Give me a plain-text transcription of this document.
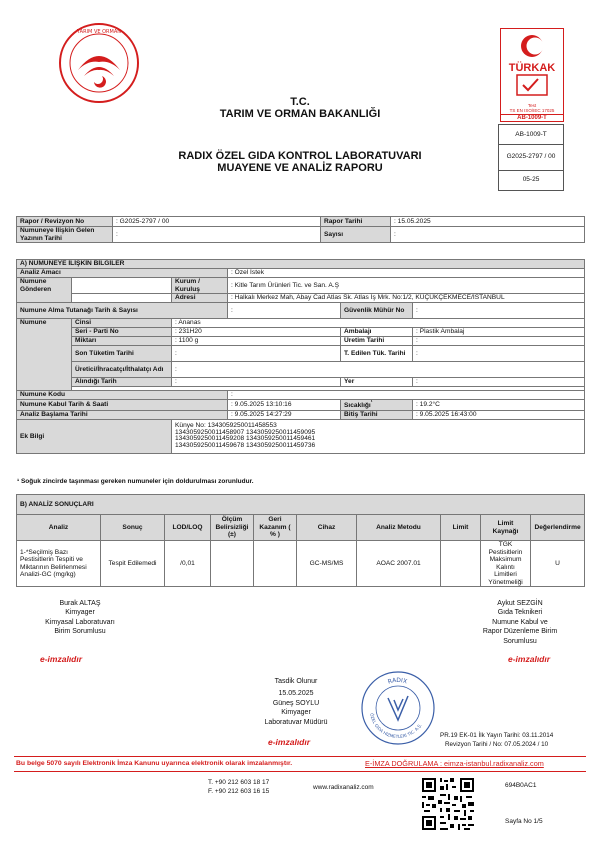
TARIM VE ORMAN
TÜRKAK
Test
TS EN ISO/IEC 17025
AB-1009-T
AB-1009-T
G2025-2797 / 00
05-25
T.C.
TARIM VE ORMAN BAKANLIĞI
RADIX ÖZEL GIDA KONTROL LABORATUVARI
MUAYENE VE ANALİZ RAPORU
Rapor / Revizyon No	: G2025-2797 / 00	Rapor Tarihi	: 15.05.2025
Numuneye İlişkin Gelen Yazının Tarihi	:	Sayısı	:
A) NUMUNEYE İLİŞKİN BİLGİLER					
Analiz Amacı			: Özel İstek		
Numune Gönderen		Kurum / Kuruluş	: Kitle Tarım Ürünleri Tic. ve San. A.Ş		
		Adresi	: Halkalı Merkez Mah, Abay Cad Atlas Sk. Atlas İş Mrk. No:1/2, KÜÇÜKÇEKMECE/İSTANBUL		
Numune Alma Tutanağı Tarih & Sayısı			:	Güvenlik Mühür No	:
Numune	Cinsi	: Ananas			
	Seri - Parti No	: 231H20		Ambalajı	: Plastik Ambalaj
	Miktarı	: 1100 g		Üretim Tarihi	:
	Son Tüketim Tarihi	:		T. Edilen Tük. Tarihi	:
	Üretici/İhracatçı/İthalatçı Adı	:			
	Alındığı Tarih	:		Yer	:

Numune Kodu			:		
Numune Kabul Tarih & Saati			: 9.05.2025 13:10:16	Sıcaklığı$^{^1}$	: 19.2°C
Analiz Başlama Tarihi			: 9.05.2025 14:27:29	Bitiş Tarihi	: 9.05.2025 16:43:00
Ek Bilgi		Künye No: 1343059250011458553
1343059250011458907 1343059250011459095
1343059250011459208 1343059250011459461
1343059250011459678 1343059250011459736			
¹ Soğuk zincirde taşınması gereken numuneler için doldurulması zorunludur.
B) ANALİZ SONUÇLARI									
Analiz	Sonuç	LOD/LOQ	Ölçüm Belirsizliği (±)	Geri Kazanım ( % )	Cihaz	Analiz Metodu	Limit	Limit Kaynağı	Değerlendirme
1-*Seçilmiş Bazı Pestisitlerin Tespiti ve Miktarının Belirlenmesi Analizi-GC (mg/kg)	Tespit Edilemedi	/0,01			GC-MS/MS	AOAC 2007.01		TGK Pestisitlerin Maksimum Kalıntı Limitleri Yönetmeliği	U
Burak ALTAŞ
Kimyager
Kimyasal Laboratuvarı
Birim Sorumlusu
e-imzalıdır
Aykut SEZGİN
Gıda Teknikeri
Numune Kabul ve
Rapor Düzenleme Birim
Sorumlusu
e-imzalıdır
Tasdik Olunur
15.05.2025
Güneş SOYLU
Kimyager
Laboratuvar Müdürü
e-imzalıdır
RADIX
ÖZEL GIDA HİZMETLERİ TİC. A.Ş.
PR.19 EK-01 İlk Yayın Tarihi: 03.11.2014
Revizyon Tarihi / No: 07.05.2024 / 10
Bu belge 5070 sayılı Elektronik İmza Kanunu uyarınca elektronik olarak imzalanmıştır.	E-İMZA DOĞRULAMA : eimza-istanbul.radixanaliz.com
T. +90 212 603 18 17
F. +90 212 603 16 15
www.radixanaliz.com	694B0AC1
Sayfa No 1/5
